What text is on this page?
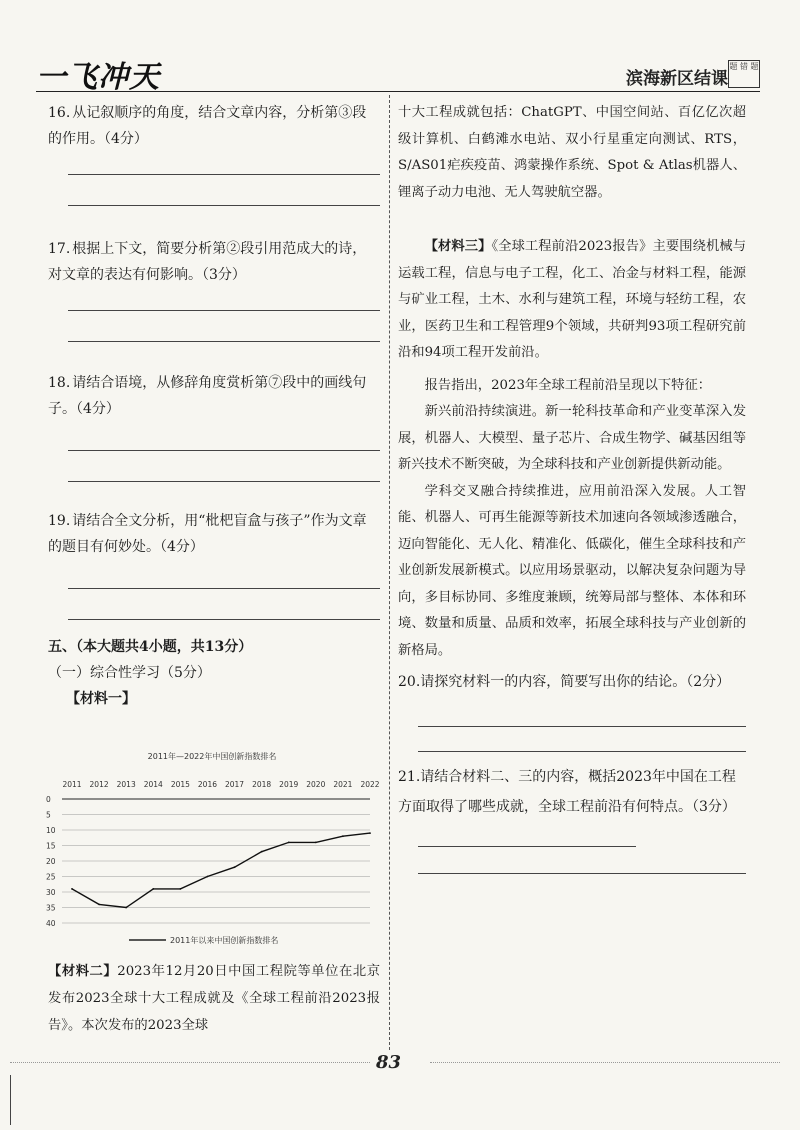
一飞冲天	滨海新区结课
题 错 题
16. 从记叙顺序的角度，结合文章内容，分析第③段的作用。（4分）
17. 根据上下文，简要分析第②段引用范成大的诗，对文章的表达有何影响。（3分）
18. 请结合语境，从修辞角度赏析第⑦段中的画线句子。（4分）
19. 请结合全文分析，用“枇杷盲盒与孩子”作为文章的题目有何妙处。（4分）

五、（本大题共4小题，共13分）

（一）综合性学习（5分）

【材料一】

2011年—2022年中国创新指数排名
2011 2012 2013 2014 2015 2016 2017 2018 2019 2020 2021 2022
0
5
10
15
20
25
30
35
40
2011年以来中国创新指数排名

【材料二】2023年12月20日中国工程院等单位在北京发布2023全球十大工程成就及《全球工程前沿2023报告》。本次发布的2023全球

十大工程成就包括：ChatGPT、中国空间站、百亿亿次超级计算机、白鹤滩水电站、双小行星重定向测试、RTS，S/AS01疟疾疫苗、鸿蒙操作系统、Spot & Atlas机器人、锂离子动力电池、无人驾驶航空器。

【材料三】《全球工程前沿2023报告》主要围绕机械与运载工程，信息与电子工程，化工、冶金与材料工程，能源与矿业工程，土木、水利与建筑工程，环境与轻纺工程，农业，医药卫生和工程管理9个领域，共研判93项工程研究前沿和94项工程开发前沿。

报告指出，2023年全球工程前沿呈现以下特征：

新兴前沿持续演进。新一轮科技革命和产业变革深入发展，机器人、大模型、量子芯片、合成生物学、碱基因组等新兴技术不断突破，为全球科技和产业创新提供新动能。

学科交叉融合持续推进，应用前沿深入发展。人工智能、机器人、可再生能源等新技术加速向各领域渗透融合，迈向智能化、无人化、精准化、低碳化，催生全球科技和产业创新发展新模式。以应用场景驱动，以解决复杂问题为导向，多目标协同、多维度兼顾，统筹局部与整体、本体和环境、数量和质量、品质和效率，拓展全球科技与产业创新的新格局。

20.请探究材料一的内容，简要写出你的结论。（2分）
21.请结合材料二、三的内容，概括2023年中国在工程方面取得了哪些成就，全球工程前沿有何特点。（3分）
83
